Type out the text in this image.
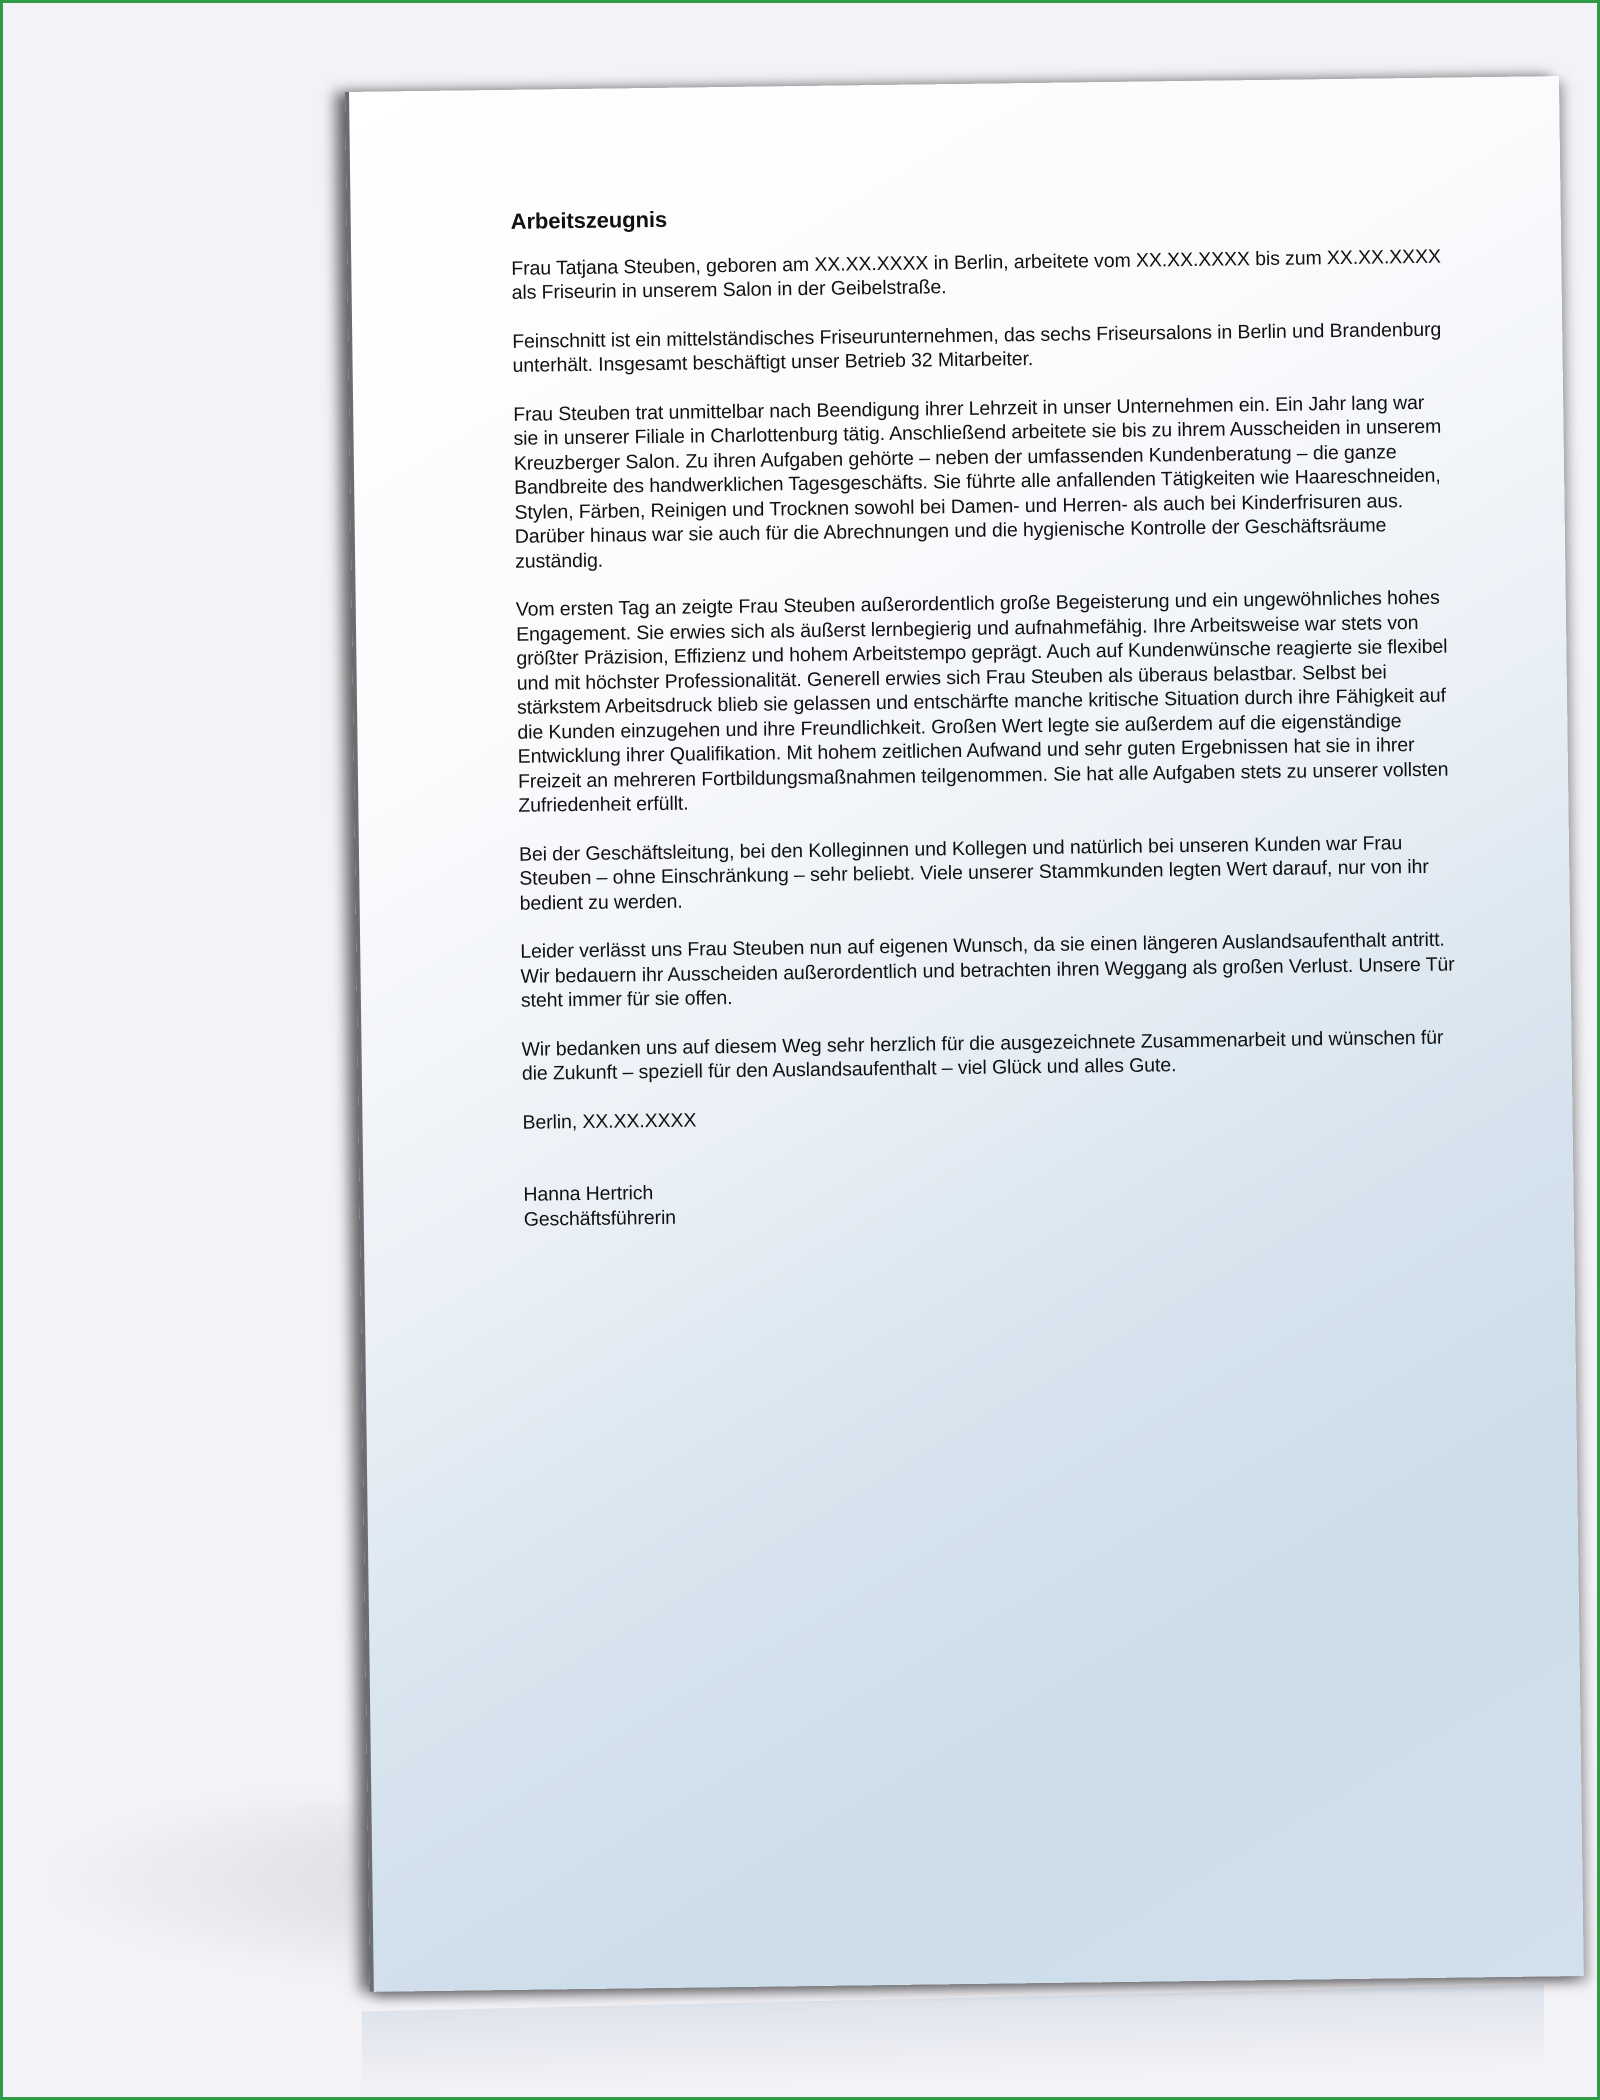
Arbeitszeugnis

Frau Tatjana Steuben, geboren am XX.XX.XXXX in Berlin, arbeitete vom XX.XX.XXXX bis zum XX.XX.XXXX als Friseurin in unserem Salon in der Geibelstraße.

Feinschnitt ist ein mittelständisches Friseurunternehmen, das sechs Friseursalons in Berlin und Brandenburg unterhält. Insgesamt beschäftigt unser Betrieb 32 Mitarbeiter.

Frau Steuben trat unmittelbar nach Beendigung ihrer Lehrzeit in unser Unternehmen ein. Ein Jahr lang war sie in unserer Filiale in Charlottenburg tätig. Anschließend arbeitete sie bis zu ihrem Ausscheiden in unserem Kreuzberger Salon. Zu ihren Aufgaben gehörte – neben der umfassenden Kundenberatung – die ganze Bandbreite des handwerklichen Tagesgeschäfts. Sie führte alle anfallenden Tätigkeiten wie Haareschneiden, Stylen, Färben, Reinigen und Trocknen sowohl bei Damen- und Herren- als auch bei Kinderfrisuren aus. Darüber hinaus war sie auch für die Abrechnungen und die hygienische Kontrolle der Geschäftsräume zuständig.

Vom ersten Tag an zeigte Frau Steuben außerordentlich große Begeisterung und ein ungewöhnliches hohes Engagement. Sie erwies sich als äußerst lernbegierig und aufnahmefähig. Ihre Arbeitsweise war stets von größter Präzision, Effizienz und hohem Arbeitstempo geprägt. Auch auf Kundenwünsche reagierte sie flexibel und mit höchster Professionalität. Generell erwies sich Frau Steuben als überaus belastbar. Selbst bei stärkstem Arbeitsdruck blieb sie gelassen und entschärfte manche kritische Situation durch ihre Fähigkeit auf die Kunden einzugehen und ihre Freundlichkeit. Großen Wert legte sie außerdem auf die eigenständige Entwicklung ihrer Qualifikation. Mit hohem zeitlichen Aufwand und sehr guten Ergebnissen hat sie in ihrer Freizeit an mehreren Fortbildungsmaßnahmen teilgenommen. Sie hat alle Aufgaben stets zu unserer vollsten Zufriedenheit erfüllt.

Bei der Geschäftsleitung, bei den Kolleginnen und Kollegen und natürlich bei unseren Kunden war Frau Steuben – ohne Einschränkung – sehr beliebt. Viele unserer Stammkunden legten Wert darauf, nur von ihr bedient zu werden.

Leider verlässt uns Frau Steuben nun auf eigenen Wunsch, da sie einen längeren Auslandsaufenthalt antritt. Wir bedauern ihr Ausscheiden außerordentlich und betrachten ihren Weggang als großen Verlust. Unsere Tür steht immer für sie offen.

Wir bedanken uns auf diesem Weg sehr herzlich für die ausgezeichnete Zusammenarbeit und wünschen für die Zukunft – speziell für den Auslandsaufenthalt – viel Glück und alles Gute.

Berlin, XX.XX.XXXX

Hanna Hertrich

Geschäftsführerin
